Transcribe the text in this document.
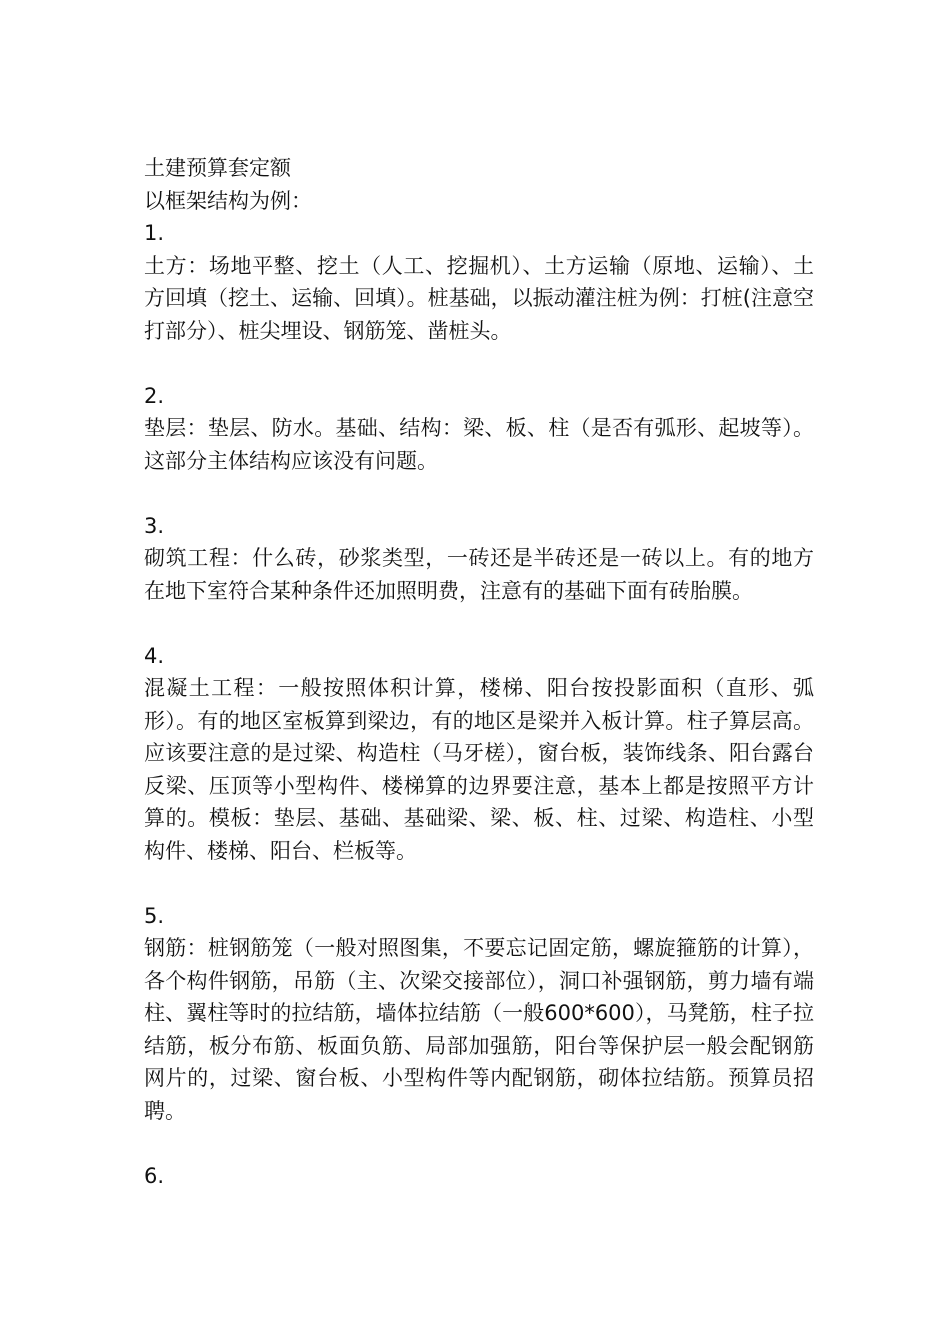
土建预算套定额

以框架结构为例：

1.

土方：场地平整、挖土（人工、挖掘机）、土方运输（原地、运输）、土方回填（挖土、运输、回填）。桩基础，以振动灌注桩为例：打桩(注意空打部分）、桩尖埋设、钢筋笼、凿桩头。

2.

垫层：垫层、防水。基础、结构：梁、板、柱（是否有弧形、起坡等）。这部分主体结构应该没有问题。

3.

砌筑工程：什么砖，砂浆类型，一砖还是半砖还是一砖以上。有的地方在地下室符合某种条件还加照明费，注意有的基础下面有砖胎膜。

4.

混凝土工程：一般按照体积计算，楼梯、阳台按投影面积（直形、弧形）。有的地区室板算到梁边，有的地区是梁并入板计算。柱子算层高。应该要注意的是过梁、构造柱（马牙槎），窗台板，装饰线条、阳台露台反梁、压顶等小型构件、楼梯算的边界要注意，基本上都是按照平方计算的。模板：垫层、基础、基础梁、梁、板、柱、过梁、构造柱、小型构件、楼梯、阳台、栏板等。

5.

钢筋：桩钢筋笼（一般对照图集，不要忘记固定筋，螺旋箍筋的计算），各个构件钢筋，吊筋（主、次梁交接部位），洞口补强钢筋，剪力墙有端柱、翼柱等时的拉结筋，墙体拉结筋（一般600*600），马凳筋，柱子拉结筋，板分布筋、板面负筋、局部加强筋，阳台等保护层一般会配钢筋网片的，过梁、窗台板、小型构件等内配钢筋，砌体拉结筋。预算员招聘。

6.
